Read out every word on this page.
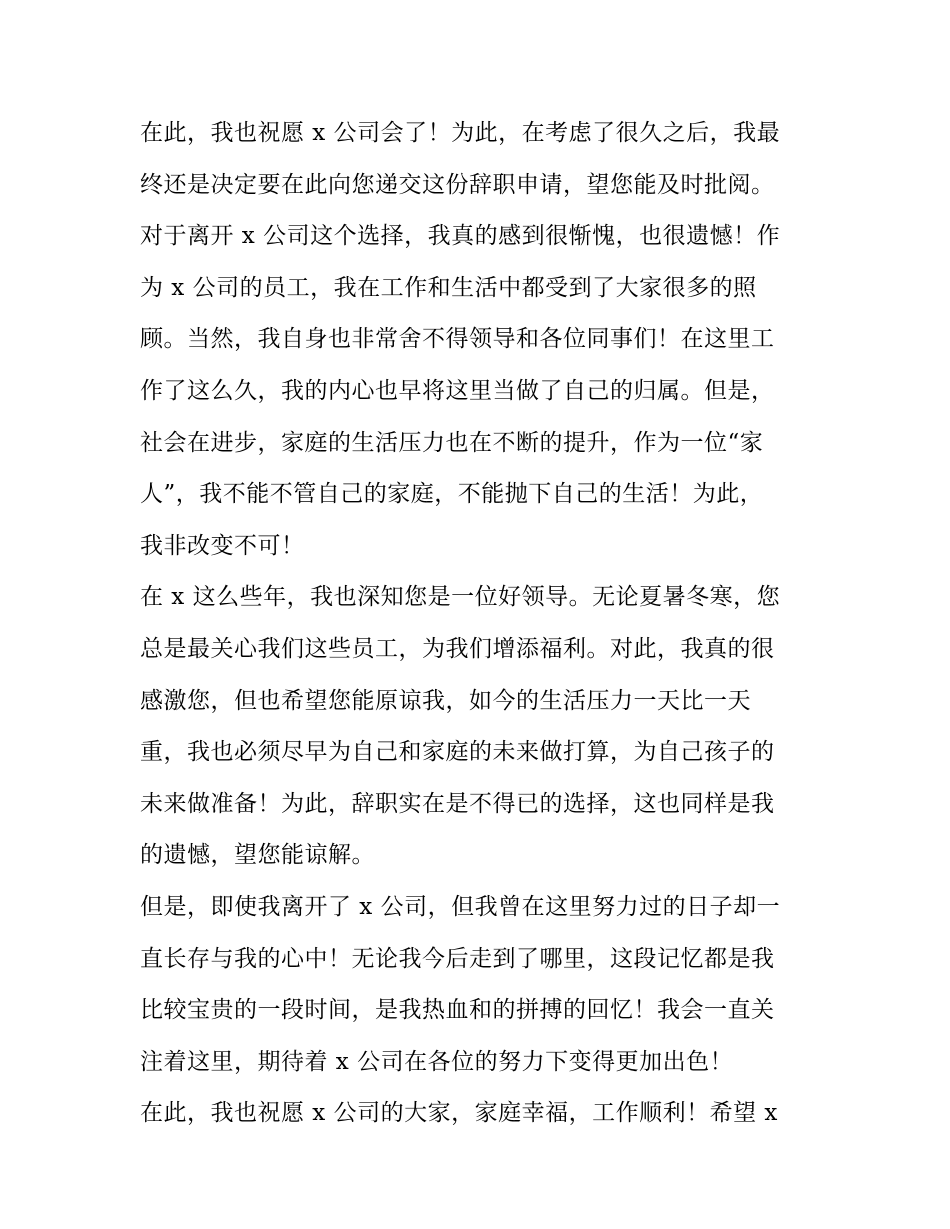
在此，我也祝愿 x 公司会了！为此，在考虑了很久之后，我最
终还是决定要在此向您递交这份辞职申请，望您能及时批阅。
对于离开 x 公司这个选择，我真的感到很惭愧，也很遗憾！作
为 x 公司的员工，我在工作和生活中都受到了大家很多的照
顾。当然，我自身也非常舍不得领导和各位同事们！在这里工
作了这么久，我的内心也早将这里当做了自己的归属。但是，
社会在进步，家庭的生活压力也在不断的提升，作为一位“家
人”，我不能不管自己的家庭，不能抛下自己的生活！为此，
我非改变不可！
在 x 这么些年，我也深知您是一位好领导。无论夏暑冬寒，您
总是最关心我们这些员工，为我们增添福利。对此，我真的很
感激您，但也希望您能原谅我，如今的生活压力一天比一天
重，我也必须尽早为自己和家庭的未来做打算，为自己孩子的
未来做准备！为此，辞职实在是不得已的选择，这也同样是我
的遗憾，望您能谅解。
但是，即使我离开了 x 公司，但我曾在这里努力过的日子却一
直长存与我的心中！无论我今后走到了哪里，这段记忆都是我
比较宝贵的一段时间，是我热血和的拼搏的回忆！我会一直关
注着这里，期待着 x 公司在各位的努力下变得更加出色！
在此，我也祝愿 x 公司的大家，家庭幸福，工作顺利！希望 x
